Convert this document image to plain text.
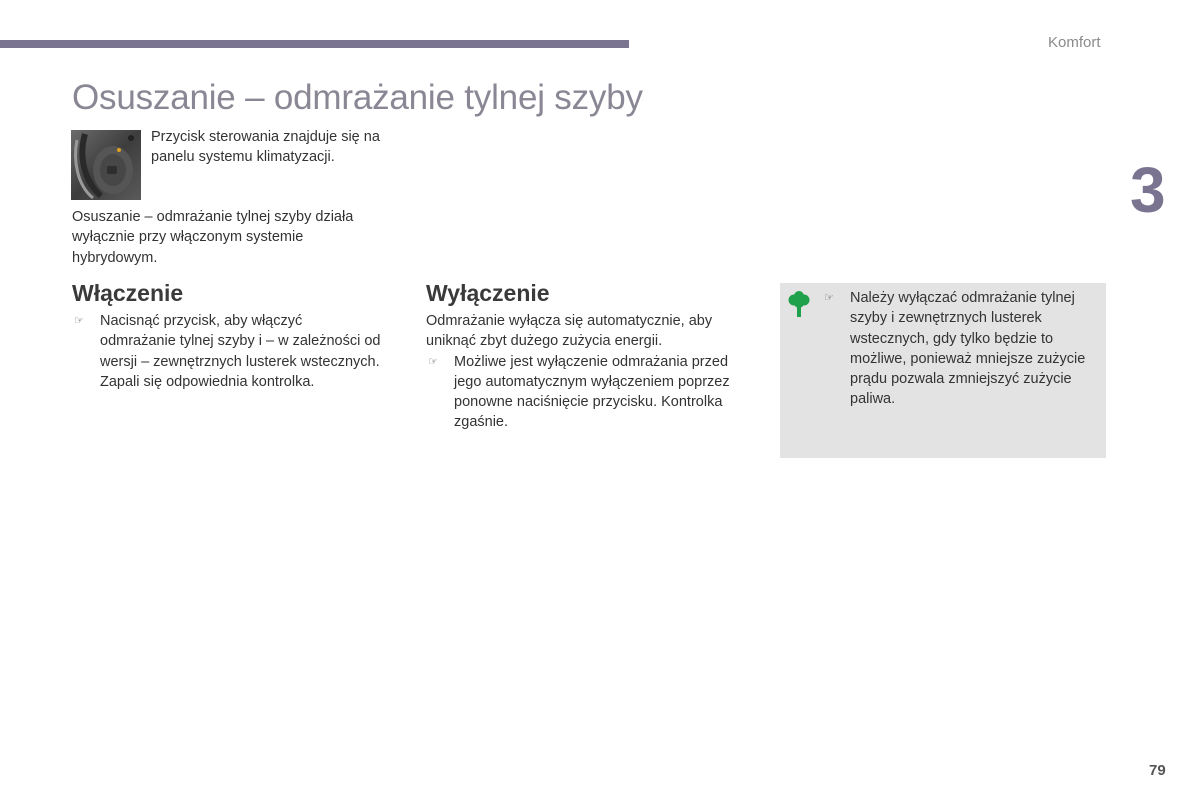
Komfort
Osuszanie – odmrażanie tylnej szyby
3
Przycisk sterowania znajduje się na panelu systemu klimatyzacji.
Osuszanie – odmrażanie tylnej szyby działa wyłącznie przy włączonym systemie hybrydowym.
Włączenie
☞ Nacisnąć przycisk, aby włączyć odmrażanie tylnej szyby i – w zależności od wersji – zewnętrznych lusterek wstecznych. Zapali się odpowiednia kontrolka.
Wyłączenie
Odmrażanie wyłącza się automatycznie, aby uniknąć zbyt dużego zużycia energii.
☞ Możliwe jest wyłączenie odmrażania przed jego automatycznym wyłączeniem poprzez ponowne naciśnięcie przycisku. Kontrolka zgaśnie.
☞ Należy wyłączać odmrażanie tylnej szyby i zewnętrznych lusterek wstecznych, gdy tylko będzie to możliwe, ponieważ mniejsze zużycie prądu pozwala zmniejszyć zużycie paliwa.
79
